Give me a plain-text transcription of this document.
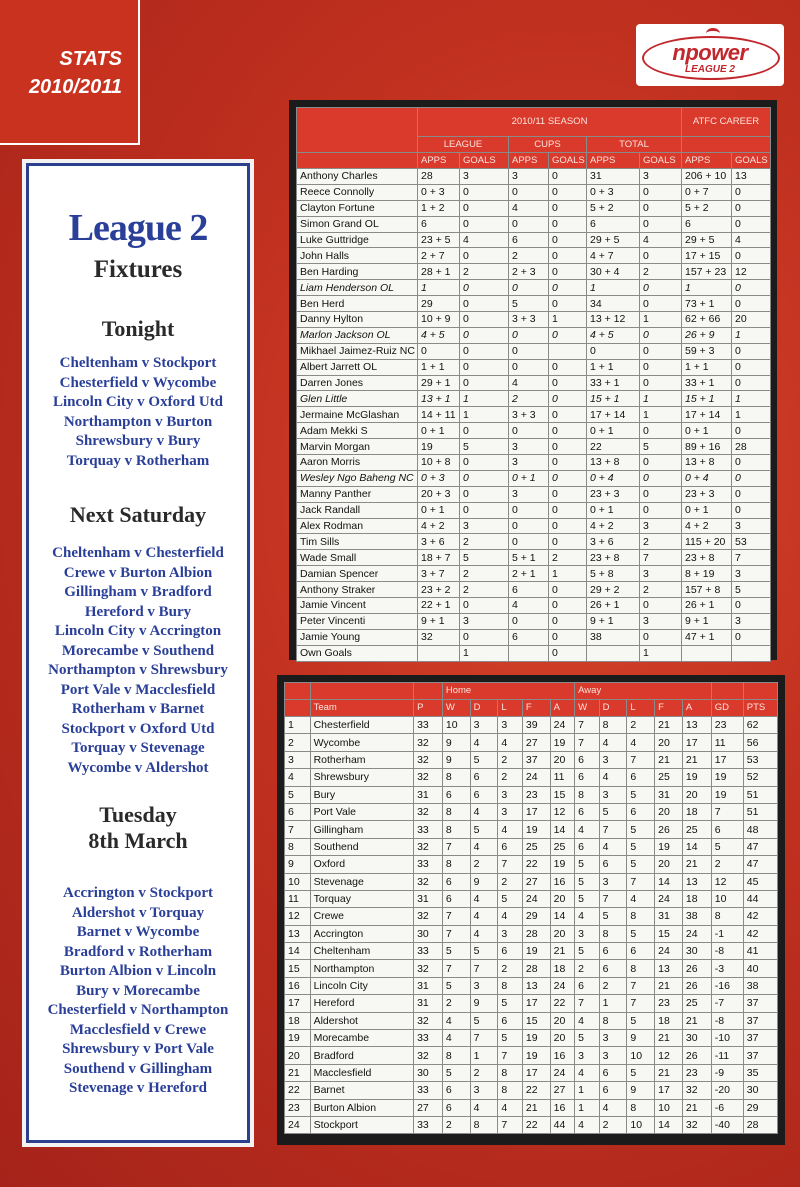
STATS
2010/2011
npower
LEAGUE 2
League 2
Fixtures
Tonight
Cheltenham v Stockport
Chesterfield v Wycombe
Lincoln City v Oxford Utd
Northampton v Burton
Shrewsbury v Bury
Torquay v Rotherham
Next Saturday
Cheltenham v Chesterfield
Crewe v Burton Albion
Gillingham v Bradford
Hereford v Bury
Lincoln City v Accrington
Morecambe v Southend
Northampton v Shrewsbury
Port Vale v Macclesfield
Rotherham v Barnet
Stockport v Oxford Utd
Torquay v Stevenage
Wycombe v Aldershot
Tuesday
8th March
Accrington v Stockport
Aldershot v Torquay
Barnet v Wycombe
Bradford v Rotherham
Burton Albion v Lincoln
Bury v Morecambe
Chesterfield v Northampton
Macclesfield v Crewe
Shrewsbury v Port Vale
Southend v Gillingham
Stevenage v Hereford
	2010/11 SEASON						ATFC CAREER	
	LEAGUE		CUPS		TOTAL			
	APPS	GOALS	APPS	GOALS	APPS	GOALS	APPS	GOALS
Anthony Charles	28	3	3	0	31	3	206 + 10	13
Reece Connolly	0 + 3	0	0	0	0 + 3	0	0 + 7	0
Clayton Fortune	1 + 2	0	4	0	5 + 2	0	5 + 2	0
Simon Grand OL	6	0	0	0	6	0	6	0
Luke Guttridge	23 + 5	4	6	0	29 + 5	4	29 + 5	4
John Halls	2 + 7	0	2	0	4 + 7	0	17 + 15	0
Ben Harding	28 + 1	2	2 + 3	0	30 + 4	2	157 + 23	12
Liam Henderson OL	1	0	0	0	1	0	1	0
Ben Herd	29	0	5	0	34	0	73 + 1	0
Danny Hylton	10 + 9	0	3 + 3	1	13 + 12	1	62 + 66	20
Marlon Jackson OL	4 + 5	0	0	0	4 + 5	0	26 + 9	1
Mikhael Jaimez-Ruiz NC	0	0	0		0	0	59 + 3	0
Albert Jarrett OL	1 + 1	0	0	0	1 + 1	0	1 + 1	0
Darren Jones	29 + 1	0	4	0	33 + 1	0	33 + 1	0
Glen Little	13 + 1	1	2	0	15 + 1	1	15 + 1	1
Jermaine McGlashan	14 + 11	1	3 + 3	0	17 + 14	1	17 + 14	1
Adam Mekki S	0 + 1	0	0	0	0 + 1	0	0 + 1	0
Marvin Morgan	19	5	3	0	22	5	89 + 16	28
Aaron Morris	10 + 8	0	3	0	13 + 8	0	13 + 8	0
Wesley Ngo Baheng NC	0 + 3	0	0 + 1	0	0 + 4	0	0 + 4	0
Manny Panther	20 + 3	0	3	0	23 + 3	0	23 + 3	0
Jack Randall	0 + 1	0	0	0	0 + 1	0	0 + 1	0
Alex Rodman	4 + 2	3	0	0	4 + 2	3	4 + 2	3
Tim Sills	3 + 6	2	0	0	3 + 6	2	115 + 20	53
Wade Small	18 + 7	5	5 + 1	2	23 + 8	7	23 + 8	7
Damian Spencer	3 + 7	2	2 + 1	1	5 + 8	3	8 + 19	3
Anthony Straker	23 + 2	2	6	0	29 + 2	2	157 + 8	5
Jamie Vincent	22 + 1	0	4	0	26 + 1	0	26 + 1	0
Peter Vincenti	9 + 1	3	0	0	9 + 1	3	9 + 1	3
Jamie Young	32	0	6	0	38	0	47 + 1	0
Own Goals		1		0		1		
			Home					Away						
	Team	P	W	D	L	F	A	W	D	L	F	A	GD	PTS
1	Chesterfield	33	10	3	3	39	24	7	8	2	21	13	23	62
2	Wycombe	32	9	4	4	27	19	7	4	4	20	17	11	56
3	Rotherham	32	9	5	2	37	20	6	3	7	21	21	17	53
4	Shrewsbury	32	8	6	2	24	11	6	4	6	25	19	19	52
5	Bury	31	6	6	3	23	15	8	3	5	31	20	19	51
6	Port Vale	32	8	4	3	17	12	6	5	6	20	18	7	51
7	Gillingham	33	8	5	4	19	14	4	7	5	26	25	6	48
8	Southend	32	7	4	6	25	25	6	4	5	19	14	5	47
9	Oxford	33	8	2	7	22	19	5	6	5	20	21	2	47
10	Stevenage	32	6	9	2	27	16	5	3	7	14	13	12	45
11	Torquay	31	6	4	5	24	20	5	7	4	24	18	10	44
12	Crewe	32	7	4	4	29	14	4	5	8	31	38	8	42
13	Accrington	30	7	4	3	28	20	3	8	5	15	24	-1	42
14	Cheltenham	33	5	5	6	19	21	5	6	6	24	30	-8	41
15	Northampton	32	7	7	2	28	18	2	6	8	13	26	-3	40
16	Lincoln City	31	5	3	8	13	24	6	2	7	21	26	-16	38
17	Hereford	31	2	9	5	17	22	7	1	7	23	25	-7	37
18	Aldershot	32	4	5	6	15	20	4	8	5	18	21	-8	37
19	Morecambe	33	4	7	5	19	20	5	3	9	21	30	-10	37
20	Bradford	32	8	1	7	19	16	3	3	10	12	26	-11	37
21	Macclesfield	30	5	2	8	17	24	4	6	5	21	23	-9	35
22	Barnet	33	6	3	8	22	27	1	6	9	17	32	-20	30
23	Burton Albion	27	6	4	4	21	16	1	4	8	10	21	-6	29
24	Stockport	33	2	8	7	22	44	4	2	10	14	32	-40	28
